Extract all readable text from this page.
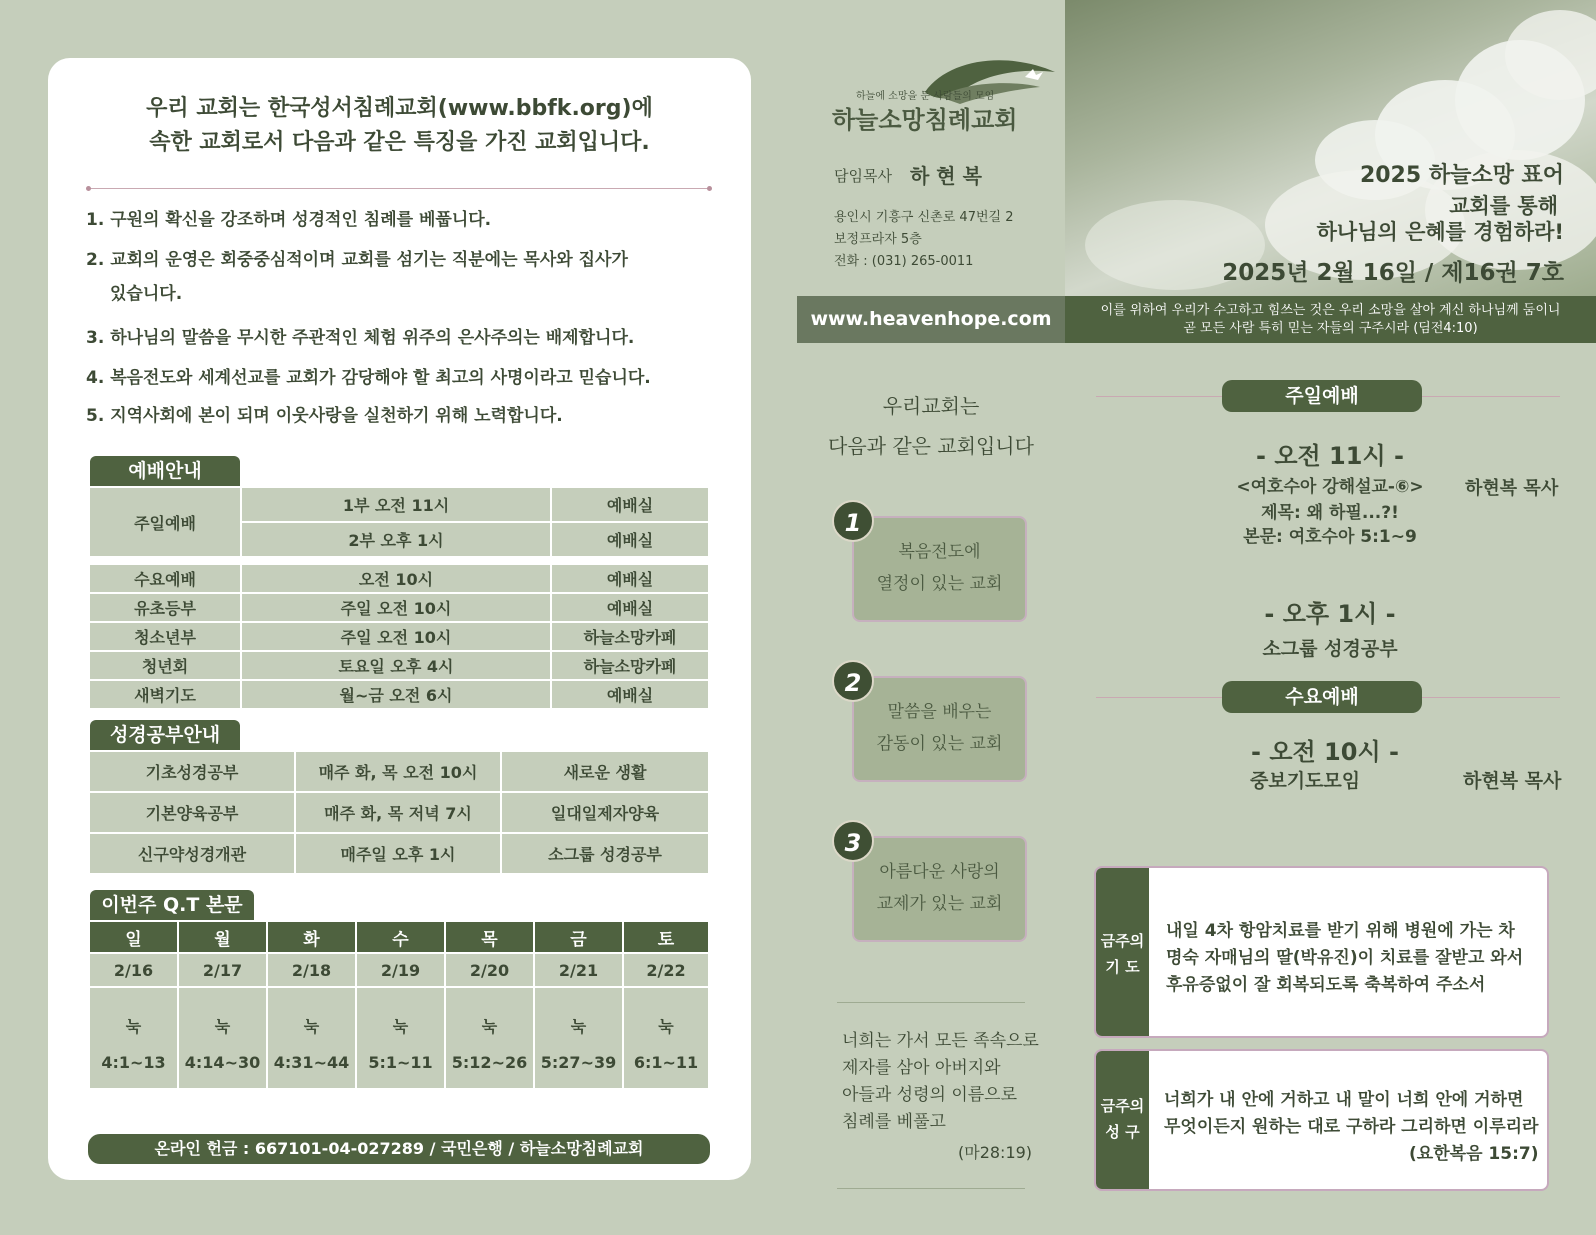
우리 교회는 한국성서침례교회(www.bbfk.org)에
속한 교회로서 다음과 같은 특징을 가진 교회입니다.
1. 구원의 확신을 강조하며 성경적인 침례를 베풉니다.
2. 교회의 운영은 회중중심적이며 교회를 섬기는 직분에는 목사와 집사가
있습니다.
3. 하나님의 말씀을 무시한 주관적인 체험 위주의 은사주의는 배제합니다.
4. 복음전도와 세계선교를 교회가 감당해야 할 최고의 사명이라고 믿습니다.
5. 지역사회에 본이 되며 이웃사랑을 실천하기 위해 노력합니다.
예배안내
주일예배	1부 오전 11시	예배실
	2부 오후 1시	예배실
수요예배	오전 10시	예배실
유초등부	주일 오전 10시	예배실
청소년부	주일 오전 10시	하늘소망카페
청년회	토요일 오후 4시	하늘소망카페
새벽기도	월~금 오전 6시	예배실
성경공부안내
기초성경공부	매주 화, 목 오전 10시	새로운 생활
기본양육공부	매주 화, 목 저녁 7시	일대일제자양육
신구약성경개관	매주일 오후 1시	소그룹 성경공부
이번주 Q.T 본문
일	월	화	수	목	금	토
2/16	2/17	2/18	2/19	2/20	2/21	2/22
눅	눅	눅	눅	눅	눅	눅
4:1~13	4:14~30	4:31~44	5:1~11	5:12~26	5:27~39	6:1~11
온라인 헌금 : 667101-04-027289 / 국민은행 / 하늘소망침례교회
하늘에 소망을 둔 사람들의 모임
하늘소망침례교회
담임목사 하 현 복
용인시 기흥구 신촌로 47번길 2
보정프라자 5층
전화 : (031) 265-0011
www.heavenhope.com
우리교회는
다음과 같은 교회입니다
복음전도에
열정이 있는 교회
1
말씀을 배우는
감동이 있는 교회
2
아름다운 사랑의
교제가 있는 교회
3
너희는 가서 모든 족속으로
제자를 삼아 아버지와
아들과 성령의 이름으로
침례를 베풀고
(마28:19)
2025 하늘소망 표어
교회를 통해
하나님의 은혜를 경험하라!
2025년 2월 16일 / 제16권 7호
이를 위하여 우리가 수고하고 힘쓰는 것은 우리 소망을 살아 계신 하나님께 둠이니
곧 모든 사람 특히 믿는 자들의 구주시라 (딤전4:10)
주일예배
- 오전 11시 -
<여호수아 강해설교-⑥>
제목: 왜 하필...?!
본문: 여호수아 5:1~9
하현복 목사
- 오후 1시 -
소그룹 성경공부
수요예배
- 오전 10시 -
중보기도모임	하현복 목사
금주의
기 도
내일 4차 항암치료를 받기 위해 병원에 가는 차
명숙 자매님의 딸(박유진)이 치료를 잘받고 와서
후유증없이 잘 회복되도록 축복하여 주소서
금주의
성 구
너희가 내 안에 거하고 내 말이 너희 안에 거하면
무엇이든지 원하는 대로 구하라 그리하면 이루리라
(요한복음 15:7)
